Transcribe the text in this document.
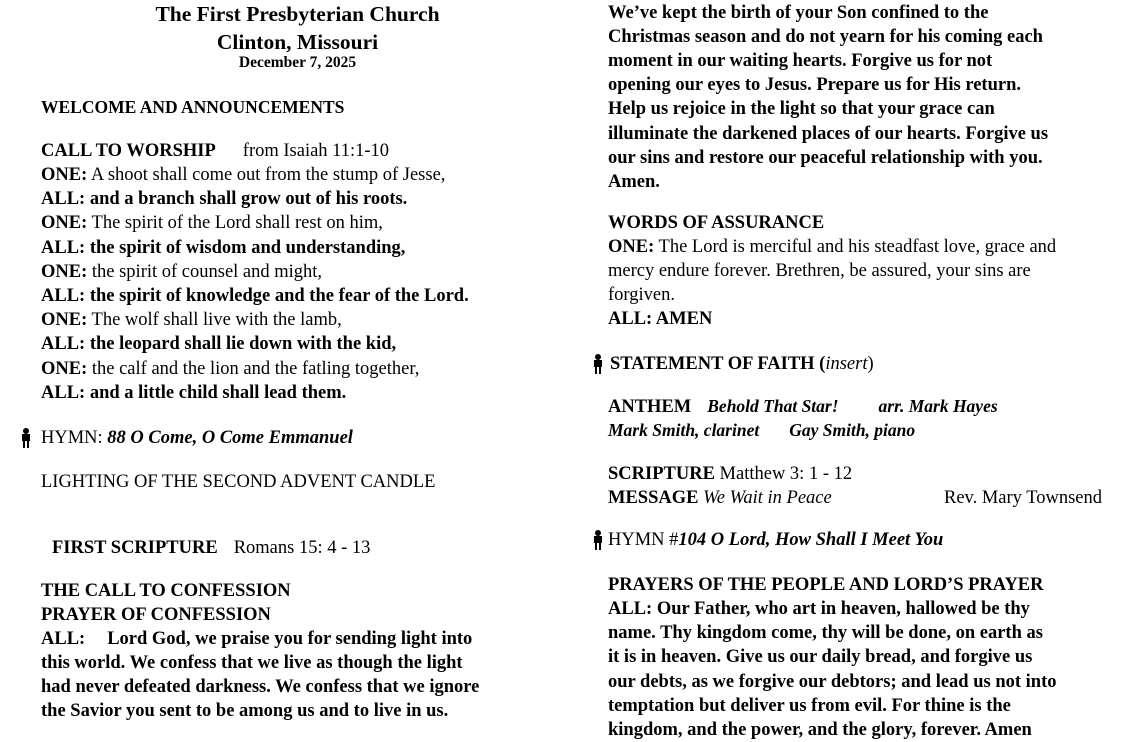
The First Presbyterian Church
Clinton, Missouri
December 7, 2025
WELCOME AND ANNOUNCEMENTS
CALL TO WORSHIP from Isaiah 11:1-10
ONE: A shoot shall come out from the stump of Jesse,
ALL: and a branch shall grow out of his roots.
ONE: The spirit of the Lord shall rest on him,
ALL: the spirit of wisdom and understanding,
ONE: the spirit of counsel and might,
ALL: the spirit of knowledge and the fear of the Lord.
ONE: The wolf shall live with the lamb,
ALL: the leopard shall lie down with the kid,
ONE: the calf and the lion and the fatling together,
ALL: and a little child shall lead them.
HYMN: 88 O Come, O Come Emmanuel
LIGHTING OF THE SECOND ADVENT CANDLE
FIRST SCRIPTURE Romans 15: 4 - 13
THE CALL TO CONFESSION
PRAYER OF CONFESSION
ALL: Lord God, we praise you for sending light into
this world. We confess that we live as though the light
had never defeated darkness. We confess that we ignore
the Savior you sent to be among us and to live in us.
We’ve kept the birth of your Son confined to the
Christmas season and do not yearn for his coming each
moment in our waiting hearts. Forgive us for not
opening our eyes to Jesus. Prepare us for His return.
Help us rejoice in the light so that your grace can
illuminate the darkened places of our hearts. Forgive us
our sins and restore our peaceful relationship with you.
Amen.
WORDS OF ASSURANCE
ONE: The Lord is merciful and his steadfast love, grace and
mercy endure forever. Brethren, be assured, your sins are
forgiven.
ALL: AMEN
STATEMENT OF FAITH (insert)
ANTHEM Behold That Star! arr. Mark Hayes
Mark Smith, clarinet Gay Smith, piano
SCRIPTURE Matthew 3: 1 - 12
MESSAGE We Wait in Peace	Rev. Mary Townsend
HYMN #104 O Lord, How Shall I Meet You
PRAYERS OF THE PEOPLE AND LORD’S PRAYER
ALL: Our Father, who art in heaven, hallowed be thy
name. Thy kingdom come, thy will be done, on earth as
it is in heaven. Give us our daily bread, and forgive us
our debts, as we forgive our debtors; and lead us not into
temptation but deliver us from evil. For thine is the
kingdom, and the power, and the glory, forever. Amen
